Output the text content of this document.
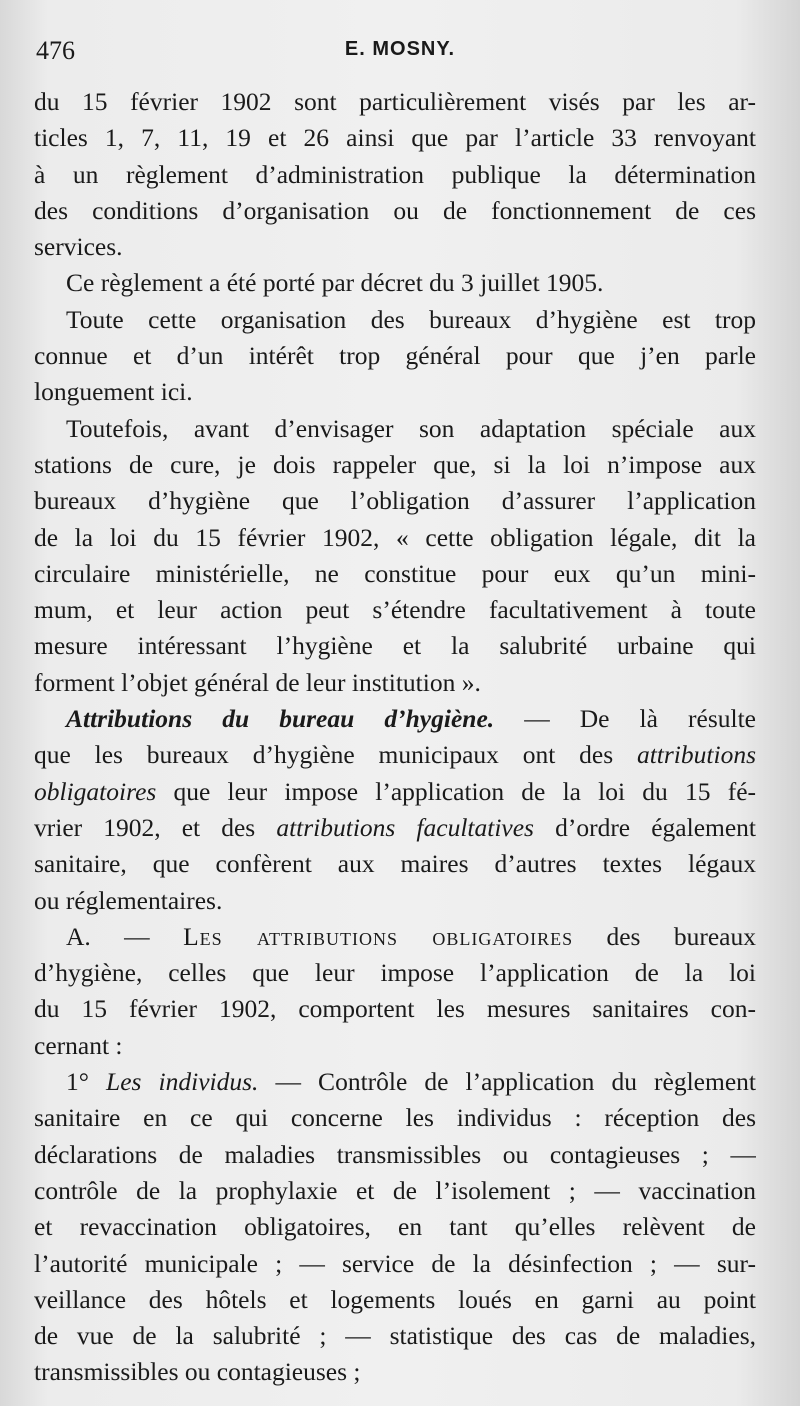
476	E. MOSNY.
du 15 février 1902 sont particulièrement visés par les ar-
ticles 1, 7, 11, 19 et 26 ainsi que par l’article 33 renvoyant
à un règlement d’administration publique la détermination
des conditions d’organisation ou de fonctionnement de ces
services.
Ce règlement a été porté par décret du 3 juillet 1905.
Toute cette organisation des bureaux d’hygiène est trop
connue et d’un intérêt trop général pour que j’en parle
longuement ici.
Toutefois, avant d’envisager son adaptation spéciale aux
stations de cure, je dois rappeler que, si la loi n’impose aux
bureaux d’hygiène que l’obligation d’assurer l’application
de la loi du 15 février 1902, « cette obligation légale, dit la
circulaire ministérielle, ne constitue pour eux qu’un mini-
mum, et leur action peut s’étendre facultativement à toute
mesure intéressant l’hygiène et la salubrité urbaine qui
forment l’objet général de leur institution ».
Attributions du bureau d’hygiène. — De là résulte
que les bureaux d’hygiène municipaux ont des attributions
obligatoires que leur impose l’application de la loi du 15 fé-
vrier 1902, et des attributions facultatives d’ordre également
sanitaire, que confèrent aux maires d’autres textes légaux
ou réglementaires.
A. — Les attributions obligatoires des bureaux
d’hygiène, celles que leur impose l’application de la loi
du 15 février 1902, comportent les mesures sanitaires con-
cernant :
1° Les individus. — Contrôle de l’application du règlement
sanitaire en ce qui concerne les individus : réception des
déclarations de maladies transmissibles ou contagieuses ; —
contrôle de la prophylaxie et de l’isolement ; — vaccination
et revaccination obligatoires, en tant qu’elles relèvent de
l’autorité municipale ; — service de la désinfection ; — sur-
veillance des hôtels et logements loués en garni au point
de vue de la salubrité ; — statistique des cas de maladies,
transmissibles ou contagieuses ;
